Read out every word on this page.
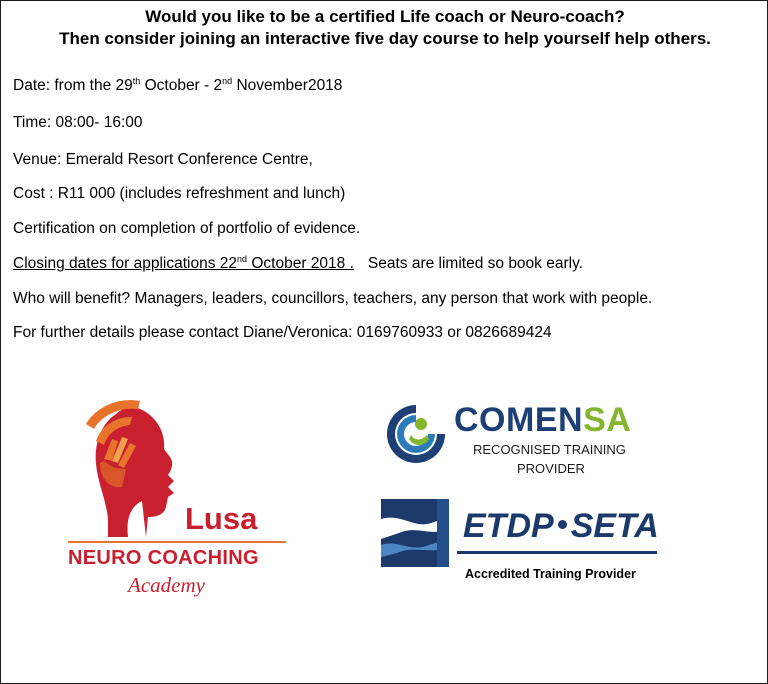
Would you like to be a certified Life coach or Neuro-coach?
Then consider joining an interactive five day course to help yourself help others.
Date: from the 29th October - 2nd November2018
Time: 08:00- 16:00
Venue: Emerald Resort Conference Centre,
Cost : R11 000 (includes refreshment and lunch)
Certification on completion of portfolio of evidence.
Closing dates for applications 22nd October 2018 . Seats are limited so book early.
Who will benefit? Managers, leaders, councillors, teachers, any person that work with people.
For further details please contact Diane/Veronica: 0169760933 or 0826689424
Lusa
NEURO COACHING
Academy
COMENSA
RECOGNISED TRAINING
PROVIDER
ETDP SETA
Accredited Training Provider
